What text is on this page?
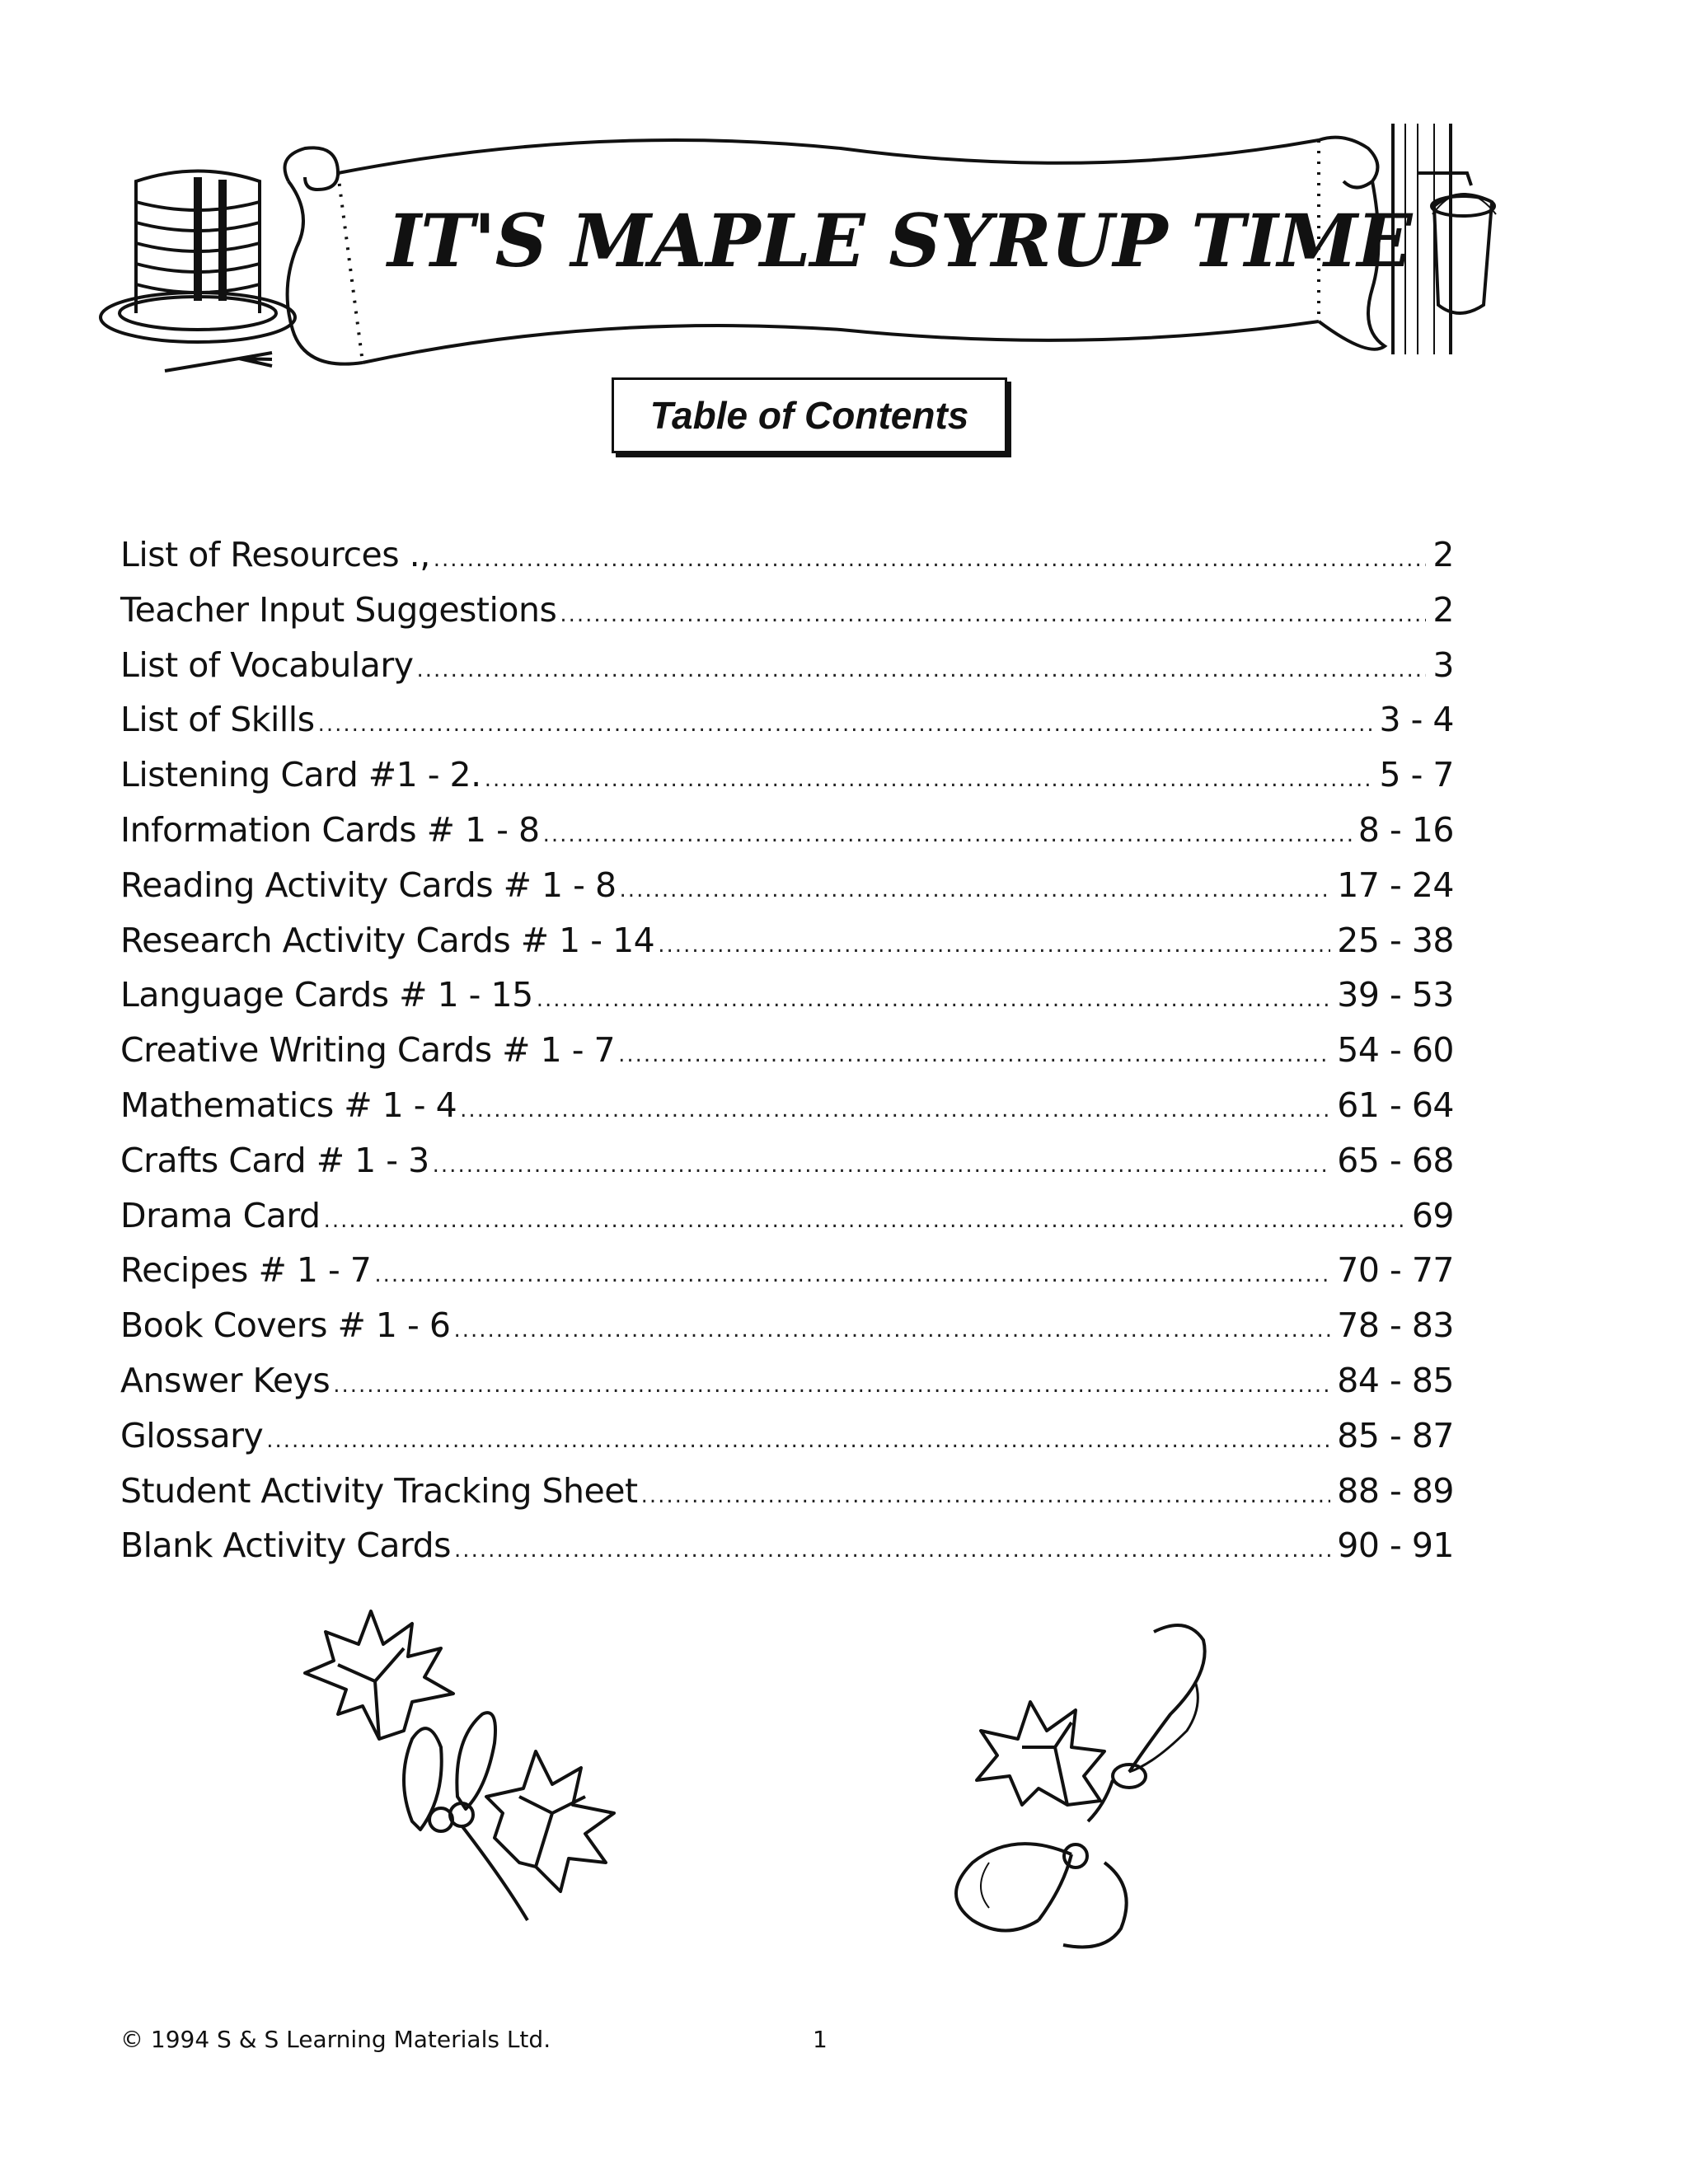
IT'S MAPLE SYRUP TIME
Table of Contents
List of Resources ., .....	2
Teacher Input Suggestions .....	2
List of Vocabulary .....	3
List of Skills .....	3 - 4
Listening Card #1 - 2. .....	5 - 7
Information Cards # 1 - 8 .....	8 - 16
Reading Activity Cards # 1 - 8 .....	17 - 24
Research Activity Cards # 1 - 14 .....	25 - 38
Language Cards # 1 - 15 .....	39 - 53
Creative Writing Cards # 1 - 7 .....	54 - 60
Mathematics # 1 - 4 .....	61 - 64
Crafts Card # 1 - 3 .....	65 - 68
Drama Card .....	69
Recipes # 1 - 7 .....	70 - 77
Book Covers # 1 - 6 .....	78 - 83
Answer Keys .....	84 - 85
Glossary .....	85 - 87
Student Activity Tracking Sheet .....	88 - 89
Blank Activity Cards .....	90 - 91
© 1994 S & S Learning Materials Ltd.	1
